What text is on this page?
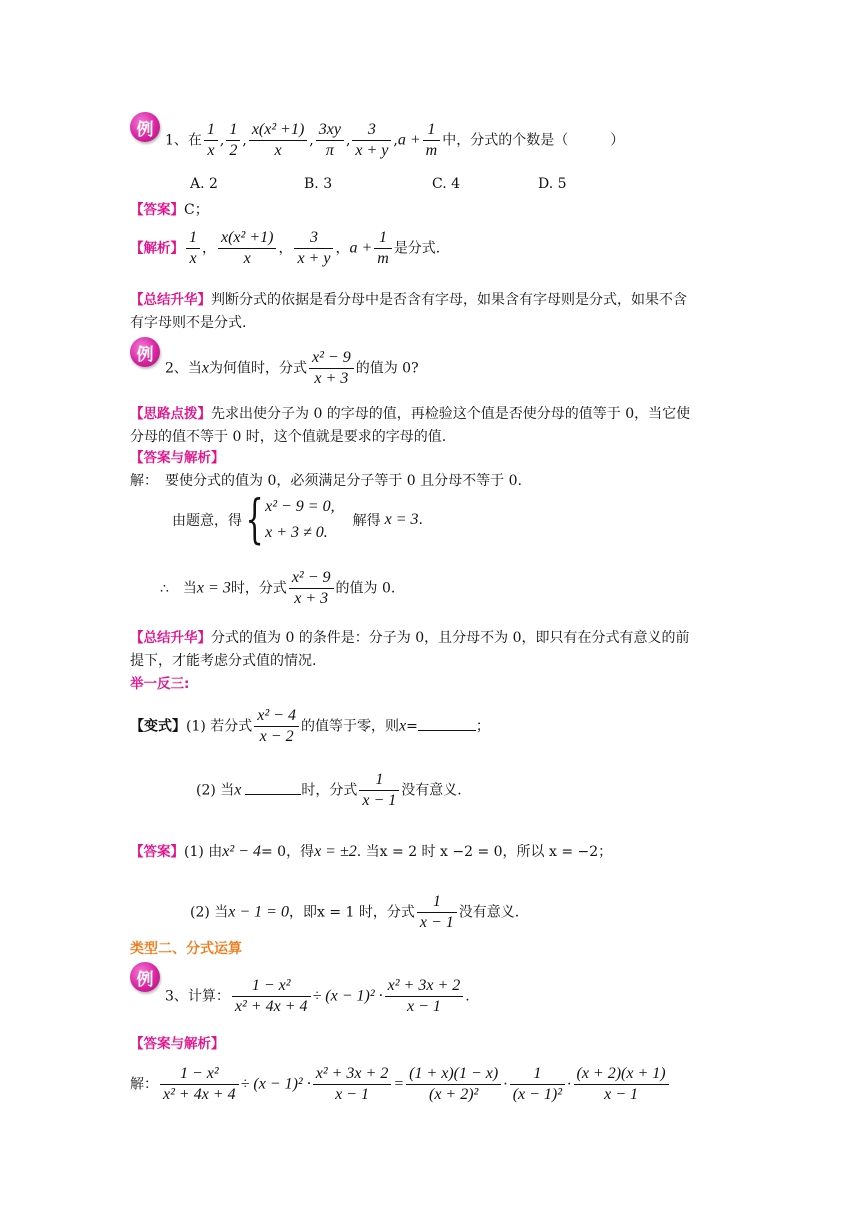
例
1、在 $\frac{1}{x}$ , $\frac{1}{2}$ , $\frac{\text{x(x² +1)}}{x}$ , $\frac{3xy}{\pi}$ , $\frac{3}{x + y} ,a + \frac{1}{m}$ 中，分式的个数是（　　　）
A. 2	B. 3	C. 4	D. 5
【答案】C；
【解析】 $\frac{1}{x}$ ， $\frac{\text{x(x² +1)}}{x}$ ， $\frac{3}{x + y}$ ，$a + \frac{1}{m}$ 是分式.
【总结升华】判断分式的依据是看分母中是否含有字母，如果含有字母则是分式，如果不含
有字母则不是分式.
例
2、当x为何值时，分式 $\frac{\text{x² − 9}}{x + 3}$ 的值为 0?
【思路点拨】先求出使分子为 0 的字母的值，再检验这个值是否使分母的值等于 0，当它使
分母的值不等于 0 时，这个值就是要求的字母的值.
【答案与解析】
解：　要使分式的值为 0，必须满足分子等于 0 且分母不等于 0.
由题意，得{x² − 9 = 0,
x + 3 ≠ 0.解得 x = 3.
∴ 当x = 3时，分式 $\frac{\text{x² − 9}}{x + 3}$ 的值为 0.
【总结升华】分式的值为 0 的条件是：分子为 0，且分母不为 0，即只有在分式有意义的前
提下，才能考虑分式值的情况.
举一反三:
【变式】(1) 若分式 $\frac{\text{x² − 4}}{x - 2}$ 的值等于零，则x=	；
(2) 当x	时，分式 $\frac{1}{x - 1}$ 没有意义.
【答案】(1) 由x² − 4= 0，得x = ±2. 当x = 2 时 x −2 = 0，所以 x = −2；
(2) 当x − 1 = 0，即x = 1 时，分式 $\frac{1}{x - 1}$ 没有意义.
类型二、分式运算
例
3、计算： $\frac{\text{1 − x²}}{\text{x² + 4x + 4}} \div (x - 1)^2 \cdot \frac{\text{x² + 3x + 2}}{x - 1}$ .
【答案与解析】
解： $\frac{\text{1 − x²}}{\text{x² + 4x + 4}} \div (x - 1)^2 \cdot \frac{\text{x² + 3x + 2}}{x - 1} = \frac{(1 + x)(1 - x)}{\text{(x + 2)²}} \cdot \frac{1}{\text{(x − 1)²}} \cdot \frac{(x + 2)(x + 1)}{x - 1}$
